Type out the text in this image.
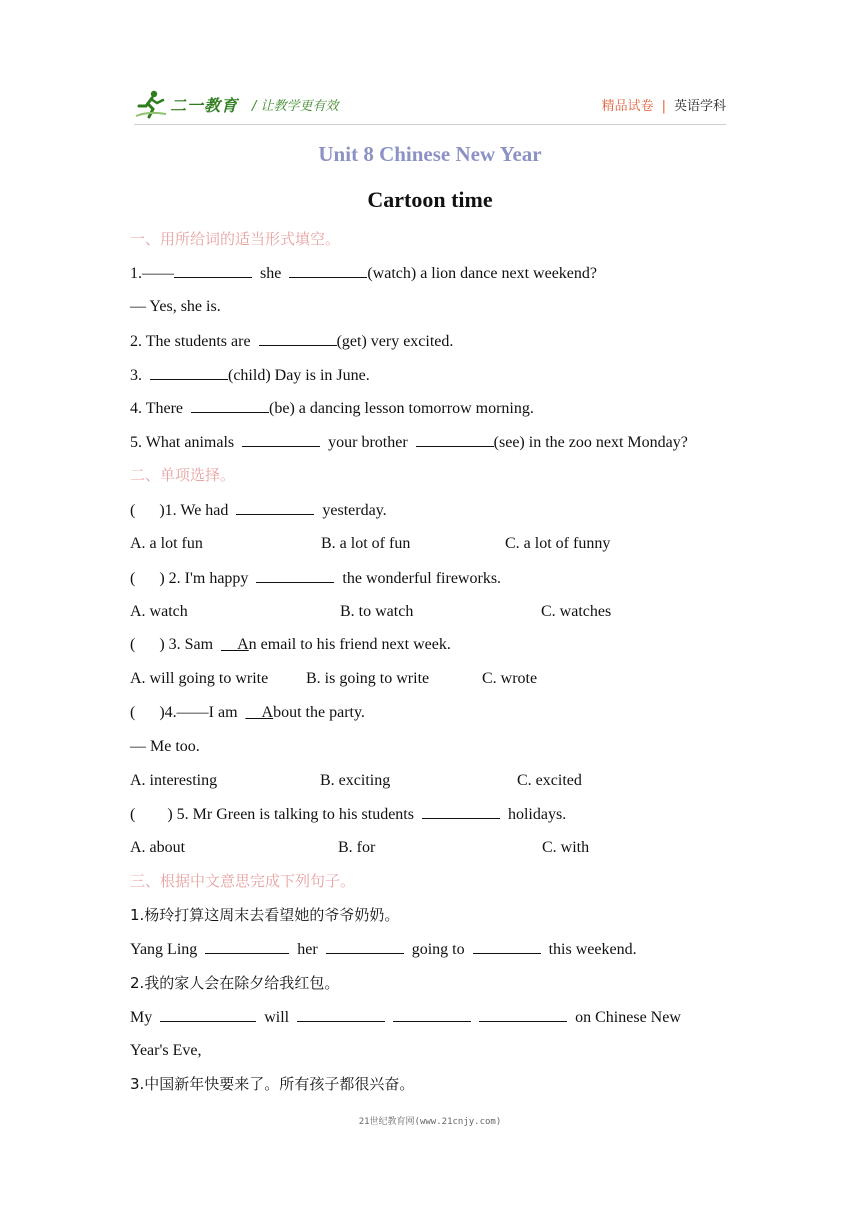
二一教育 / 让教学更有效	精品试卷 | 英语学科
Unit 8 Chinese New Year
Cartoon time
一、用所给词的适当形式填空。
1.——	she	(watch) a lion dance next weekend?
— Yes, she is.
2. The students are	(get) very excited.
3.	(child) Day is in June.
4. There	(be) a dancing lesson tomorrow morning.
5. What animals	your brother	(see) in the zoo next Monday?
二、单项选择。
(      )1. We had	yesterday.
A. a lot fun	B. a lot of fun	C. a lot of funny
(      ) 2. I'm happy	the wonderful fireworks.
A. watch	B. to watch	C. watches
(      ) 3. Sam __An email to his friend next week.
A. will going to write B. is going to write	C. wrote
(      )4.——I am __About the party.
— Me too.
A. interesting	B. exciting	C. excited
(        ) 5. Mr Green is talking to his students	holidays.
A. about	B. for	C. with
三、根据中文意思完成下列句子。
1.杨玲打算这周末去看望她的爷爷奶奶。
Yang Ling	her	going to	this weekend.
2.我的家人会在除夕给我红包。
My	will	on Chinese New
Year's Eve,
3.中国新年快要来了。所有孩子都很兴奋。
21世纪教育网(www.21cnjy.com)
